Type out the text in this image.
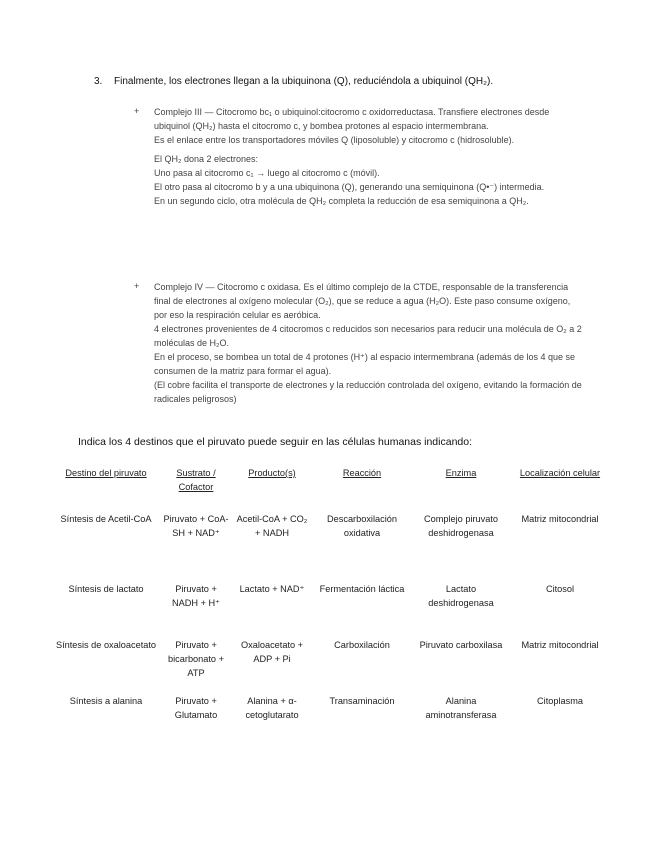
3. Finalmente, los electrones llegan a la ubiquinona (Q), reduciéndola a ubiquinol (QH₂).
+ Complejo III — Citocromo bc₁ o ubiquinol:citocromo c oxidorreductasa. Transfiere electrones desde ubiquinol (QH₂) hasta el citocromo c, y bombea protones al espacio intermembrana.

Es el enlace entre los transportadores móviles Q (liposoluble) y citocromo c (hidrosoluble).

El QH₂ dona 2 electrones:

Uno pasa al citocromo c₁ → luego al citocromo c (móvil).

El otro pasa al citocromo b y a una ubiquinona (Q), generando una semiquinona (Q•⁻) intermedia.

En un segundo ciclo, otra molécula de QH₂ completa la reducción de esa semiquinona a QH₂.

+ Complejo IV — Citocromo c oxidasa. Es el último complejo de la CTDE, responsable de la transferencia final de electrones al oxígeno molecular (O₂), que se reduce a agua (H₂O). Este paso consume oxígeno, por eso la respiración celular es aeróbica.

4 electrones provenientes de 4 citocromos c reducidos son necesarios para reducir una molécula de O₂ a 2 moléculas de H₂O.

En el proceso, se bombea un total de 4 protones (H⁺) al espacio intermembrana (además de los 4 que se consumen de la matriz para formar el agua).

(El cobre facilita el transporte de electrones y la reducción controlada del oxígeno, evitando la formación de radicales peligrosos)

Indica los 4 destinos que el piruvato puede seguir en las células humanas indicando:
Destino del piruvato	Sustrato / Cofactor	Producto(s)	Reacción	Enzima	Localización celular
Síntesis de Acetil-CoA	Piruvato + CoA-SH + NAD⁺	Acetil-CoA + CO₂ + NADH	Descarboxilación oxidativa	Complejo piruvato deshidrogenasa	Matriz mitocondrial
Síntesis de lactato	Piruvato + NADH + H⁺	Lactato + NAD⁺	Fermentación láctica	Lactato deshidrogenasa	Citosol
Síntesis de oxaloacetato	Piruvato + bicarbonato + ATP	Oxaloacetato + ADP + Pi	Carboxilación	Piruvato carboxilasa	Matriz mitocondrial
Síntesis a alanina	Piruvato + Glutamato	Alanina + α-cetoglutarato	Transaminación	Alanina aminotransferasa	Citoplasma
